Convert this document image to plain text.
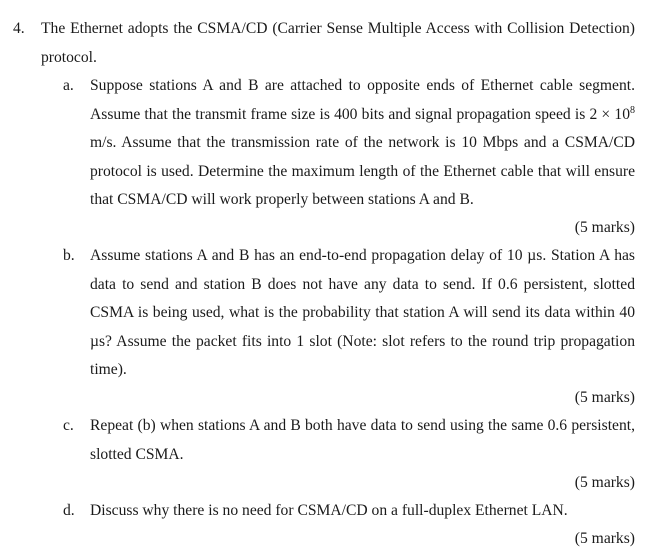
4. The Ethernet adopts the CSMA/CD (Carrier Sense Multiple Access with Collision Detection) protocol.
a. Suppose stations A and B are attached to opposite ends of Ethernet cable segment. Assume that the transmit frame size is 400 bits and signal propagation speed is $2 \times 10^8$ m/s. Assume that the transmission rate of the network is 10 Mbps and a CSMA/CD protocol is used. Determine the maximum length of the Ethernet cable that will ensure that CSMA/CD will work properly between stations A and B.
(5 marks)
b. Assume stations A and B has an end-to-end propagation delay of 10 µs. Station A has data to send and station B does not have any data to send. If 0.6 persistent, slotted CSMA is being used, what is the probability that station A will send its data within 40 µs? Assume the packet fits into 1 slot (Note: slot refers to the round trip propagation time).
(5 marks)
c. Repeat (b) when stations A and B both have data to send using the same 0.6 persistent, slotted CSMA.
(5 marks)
d. Discuss why there is no need for CSMA/CD on a full-duplex Ethernet LAN.
(5 marks)
